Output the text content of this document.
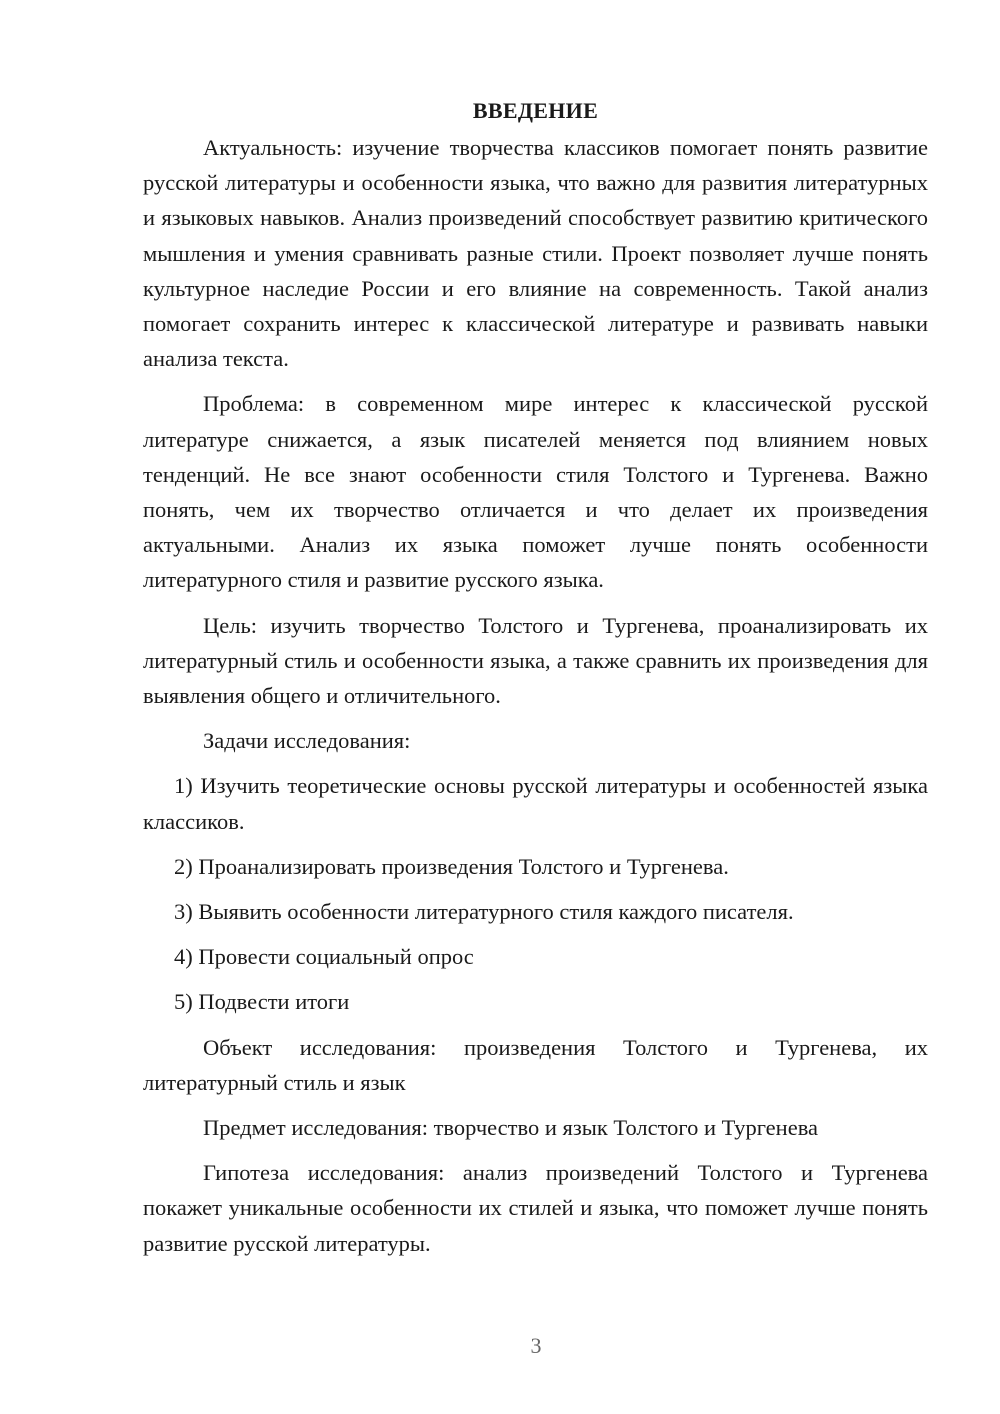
ВВЕДЕНИЕ

Актуальность: изучение творчества классиков помогает понять развитие русской литературы и особенности языка, что важно для развития литературных и языковых навыков. Анализ произведений способствует развитию критического мышления и умения сравнивать разные стили. Проект позволяет лучше понять культурное наследие России и его влияние на современность. Такой анализ помогает сохранить интерес к классической литературе и развивать навыки анализа текста.

Проблема: в современном мире интерес к классической русской литературе снижается, а язык писателей меняется под влиянием новых тенденций. Не все знают особенности стиля Толстого и Тургенева. Важно понять, чем их творчество отличается и что делает их произведения актуальными. Анализ их языка поможет лучше понять особенности литературного стиля и развитие русского языка.

Цель: изучить творчество Толстого и Тургенева, проанализировать их литературный стиль и особенности языка, а также сравнить их произведения для выявления общего и отличительного.

Задачи исследования:

1) Изучить теоретические основы русской литературы и особенностей языка классиков.

2) Проанализировать произведения Толстого и Тургенева.

3) Выявить особенности литературного стиля каждого писателя.

4) Провести социальный опрос

5) Подвести итоги

Объект исследования: произведения Толстого и Тургенева, их литературный стиль и язык

Предмет исследования: творчество и язык Толстого и Тургенева

Гипотеза исследования: анализ произведений Толстого и Тургенева покажет уникальные особенности их стилей и языка, что поможет лучше понять развитие русской литературы.

3
